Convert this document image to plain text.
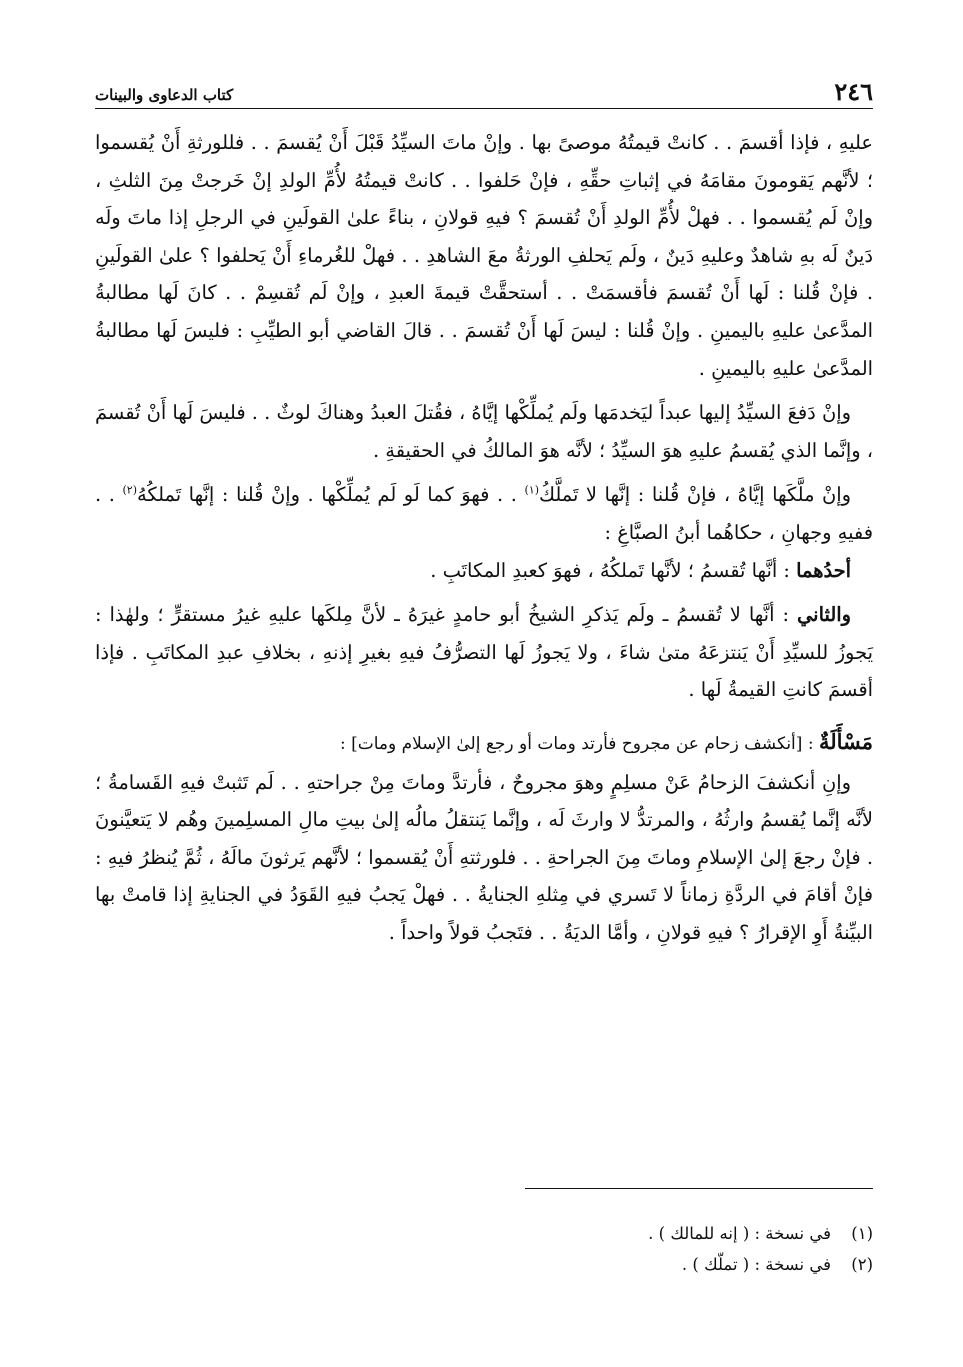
٢٤٦
كتاب الدعاوى والبينات

عليهِ ، فإذا أقسمَ . . كانتْ قيمتُهُ موصىً بها . وإنْ ماتَ السيِّدُ قَبْلَ أَنْ يُقسمَ . . فللورثةِ أَنْ يُقسموا ؛ لأنَّهم يَقومونَ مقامَهُ في إثباتِ حقِّهِ ، فإنْ حَلفوا . . كانتْ قيمتُهُ لأُمِّ الولدِ إنْ خَرجتْ مِنَ الثلثِ ، وإنْ لَم يُقسموا . . فهلْ لأُمِّ الولدِ أَنْ تُقسمَ ؟ فيهِ قولانِ ، بناءً علىٰ القولَينِ في الرجلِ إذا ماتَ ولَه دَينٌ لَه بهِ شاهدٌ وعليهِ دَينٌ ، ولَم يَحلفِ الورثةُ معَ الشاهدِ . . فهلْ للغُرماءِ أَنْ يَحلفوا ؟ علىٰ القولَينِ . فإنْ قُلنا : لَها أَنْ تُقسمَ فأقسمَتْ . . أستحقَّتْ قيمةَ العبدِ ، وإنْ لَم تُقسِمْ . . كانَ لَها مطالبةُ المدَّعىٰ عليهِ باليمينِ . وإنْ قُلنا : ليسَ لَها أَنْ تُقسمَ . . قالَ القاضي أبو الطيِّبِ : فليسَ لَها مطالبةُ المدَّعىٰ عليهِ باليمينِ .

وإنْ دَفعَ السيِّدُ إليها عبداً ليَخدمَها ولَم يُملِّكْها إيَّاهُ ، فقُتلَ العبدُ وهناكَ لوثٌ . . فليسَ لَها أَنْ تُقسمَ ، وإنَّما الذي يُقسمُ عليهِ هوَ السيِّدُ ؛ لأنَّه هوَ المالكُ في الحقيقةِ .

وإنْ ملَّكَها إيَّاهُ ، فإنْ قُلنا : إنَّها لا تَملَّكُ$^{(١)}$ . . فهوَ كما لَو لَم يُملِّكْها . وإنْ قُلنا : إنَّها تَملكُهُ$^{(٢)}$ . . ففيهِ وجهانِ ، حكاهُما أبنُ الصبَّاغِ :

أحدُهما : أنَّها تُقسمُ ؛ لأنَّها تَملكُهُ ، فهوَ كعبدِ المكاتَبِ .

والثاني : أنَّها لا تُقسمُ ـ ولَم يَذكرِ الشيخُ أبو حامدٍ غيرَهُ ـ لأنَّ مِلكَها عليهِ غيرُ مستقرٍّ ؛ ولهٰذا : يَجوزُ للسيِّدِ أَنْ يَنتزعَهُ متىٰ شاءَ ، ولا يَجوزُ لَها التصرُّفُ فيهِ بغيرِ إذنهِ ، بخلافِ عبدِ المكاتَبِ . فإذا أقسمَ كانتِ القيمةُ لَها .

مَسْأَلَةٌ : [أنكشف زحام عن مجروح فأرتد ومات أو رجع إلىٰ الإسلام ومات] :

وإنِ أنكشفَ الزحامُ عَنْ مسلِمٍ وهوَ مجروحٌ ، فأرتدَّ وماتَ مِنْ جراحتهِ . . لَم تَثبتْ فيهِ القَسامةُ ؛ لأنَّه إنَّما يُقسمُ وارثُهُ ، والمرتدُّ لا وارثَ لَه ، وإنَّما يَنتقلُ مالُه إلىٰ بيتِ مالِ المسلِمينَ وهُم لا يَتعيَّنونَ . فإنْ رجعَ إلىٰ الإسلامِ وماتَ مِنَ الجراحةِ . . فلورثتهِ أَنْ يُقسموا ؛ لأنَّهم يَرثونَ مالَهُ ، ثُمَّ يُنظرُ فيهِ : فإنْ أقامَ في الردَّةِ زماناً لا تَسري في مِثلهِ الجنايةُ . . فهلْ يَجبُ فيهِ القَوَدُ في الجنايةِ إذا قامتْ بها البيِّنةُ أَوِ الإقرارُ ؟ فيهِ قولانِ ، وأمَّا الديَةُ . . فتَجبُ قولاً واحداً .

(١)
في نسخة : ( إنه للمالك ) .
(٢)
في نسخة : ( تملّك ) .
